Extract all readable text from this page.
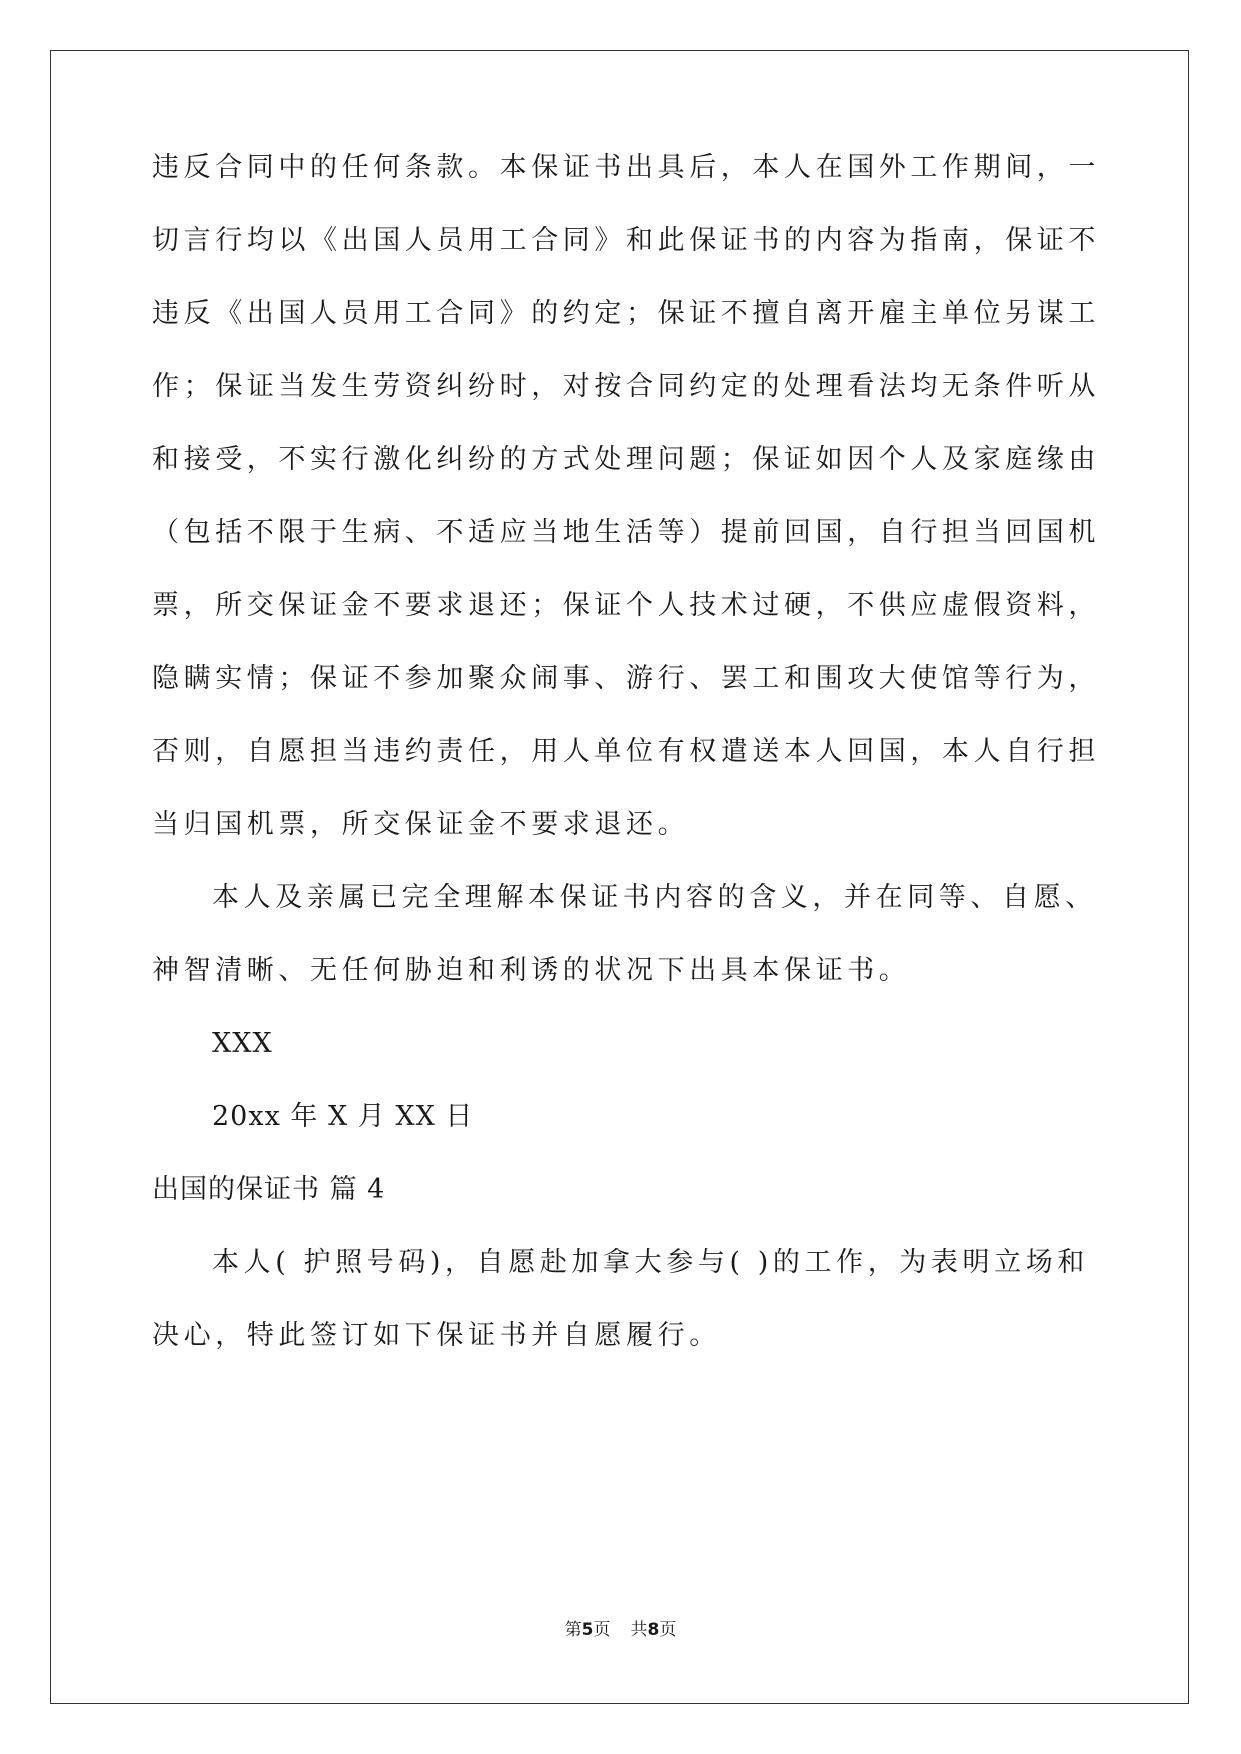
违反合同中的任何条款。本保证书出具后，本人在国外工作期间，一
切言行均以《出国人员用工合同》和此保证书的内容为指南，保证不
违反《出国人员用工合同》的约定；保证不擅自离开雇主单位另谋工
作；保证当发生劳资纠纷时，对按合同约定的处理看法均无条件听从
和接受，不实行激化纠纷的方式处理问题；保证如因个人及家庭缘由
（包括不限于生病、不适应当地生活等）提前回国，自行担当回国机
票，所交保证金不要求退还；保证个人技术过硬，不供应虚假资料，
隐瞒实情；保证不参加聚众闹事、游行、罢工和围攻大使馆等行为，
否则，自愿担当违约责任，用人单位有权遣送本人回国，本人自行担
当归国机票，所交保证金不要求退还。
本人及亲属已完全理解本保证书内容的含义，并在同等、自愿、
神智清晰、无任何胁迫和利诱的状况下出具本保证书。
XXX
20xx 年 X 月 XX 日
出国的保证书 篇 4
本人( 护照号码)，自愿赴加拿大参与( )的工作，为表明立场和
决心，特此签订如下保证书并自愿履行。
第5页 共8页
